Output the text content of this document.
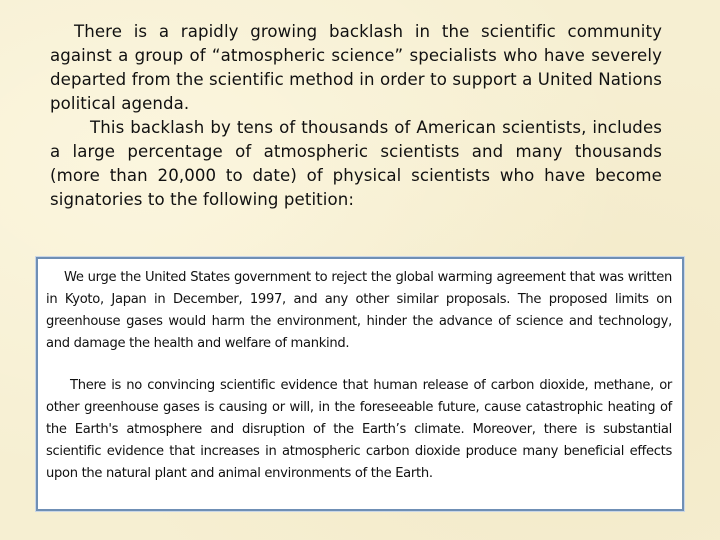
There is a rapidly growing backlash in the scientific community against a group of “atmospheric science” specialists who have severely departed from the scientific method in order to support a United Nations political agenda.

This backlash by tens of thousands of American scientists, includes a large percentage of atmospheric scientists and many thousands (more than 20,000 to date) of physical scientists who have become signatories to the following petition:

We urge the United States government to reject the global warming agreement that was written in Kyoto, Japan in December, 1997, and any other similar proposals. The proposed limits on greenhouse gases would harm the environment, hinder the advance of science and technology, and damage the health and welfare of mankind.

There is no convincing scientific evidence that human release of carbon dioxide, methane, or other greenhouse gases is causing or will, in the foreseeable future, cause catastrophic heating of the Earth's atmosphere and disruption of the Earth’s climate. Moreover, there is substantial scientific evidence that increases in atmospheric carbon dioxide produce many beneficial effects upon the natural plant and animal environments of the Earth.
